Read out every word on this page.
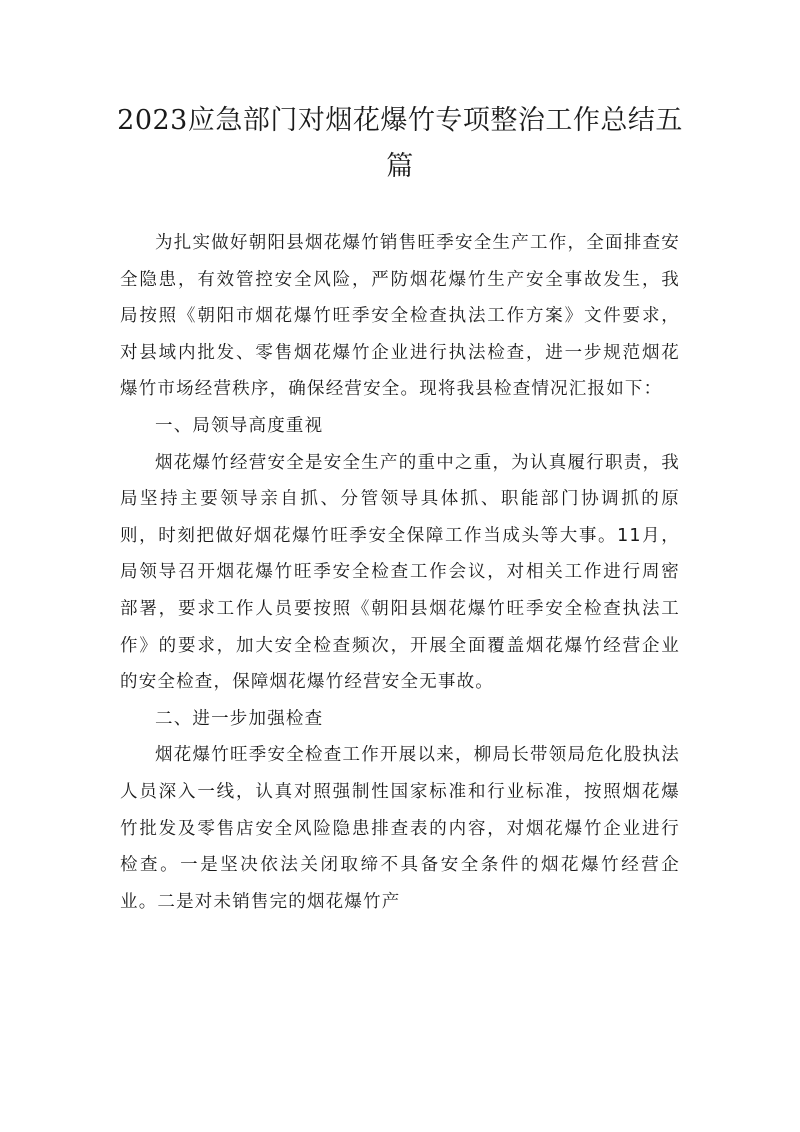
2023应急部门对烟花爆竹专项整治工作总结五篇

为扎实做好朝阳县烟花爆竹销售旺季安全生产工作，全面排查安全隐患，有效管控安全风险，严防烟花爆竹生产安全事故发生，我局按照《朝阳市烟花爆竹旺季安全检查执法工作方案》文件要求，对县域内批发、零售烟花爆竹企业进行执法检查，进一步规范烟花爆竹市场经营秩序，确保经营安全。现将我县检查情况汇报如下：

一、局领导高度重视

烟花爆竹经营安全是安全生产的重中之重，为认真履行职责，我局坚持主要领导亲自抓、分管领导具体抓、职能部门协调抓的原则，时刻把做好烟花爆竹旺季安全保障工作当成头等大事。11月，局领导召开烟花爆竹旺季安全检查工作会议，对相关工作进行周密部署，要求工作人员要按照《朝阳县烟花爆竹旺季安全检查执法工作》的要求，加大安全检查频次，开展全面覆盖烟花爆竹经营企业的安全检查，保障烟花爆竹经营安全无事故。

二、进一步加强检查

烟花爆竹旺季安全检查工作开展以来，柳局长带领局危化股执法人员深入一线，认真对照强制性国家标准和行业标准，按照烟花爆竹批发及零售店安全风险隐患排查表的内容，对烟花爆竹企业进行检查。一是坚决依法关闭取缔不具备安全条件的烟花爆竹经营企业。二是对未销售完的烟花爆竹产
